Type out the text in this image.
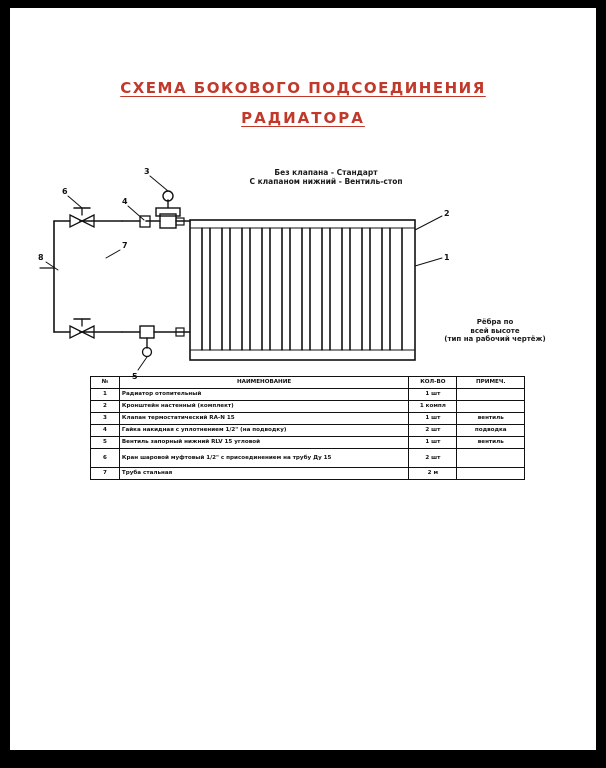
СХЕМА БОКОВОГО ПОДСОЕДИНЕНИЯ
РАДИАТОРА
Без клапана - Стандарт
С клапаном нижний - Вентиль-стоп
2
1
3
4
5
6
7
8
Рёбра по
всей высоте
(тип на рабочий чертёж)
№	НАИМЕНОВАНИЕ	КОЛ-ВО	ПРИМЕЧ.
1	Радиатор отопительный	1 шт	
2	Кронштейн настенный (комплект)	1 компл	
3	Клапан термостатический RA-N 15	1 шт	вентиль
4	Гайка накидная с уплотнением 1/2" (на подводку)	2 шт	подводка
5	Вентиль запорный нижний RLV 15 угловой	1 шт	вентиль
6	Кран шаровой муфтовый 1/2" с присоединением на трубу Ду 15	2 шт	
7	Труба стальная	2 м	
